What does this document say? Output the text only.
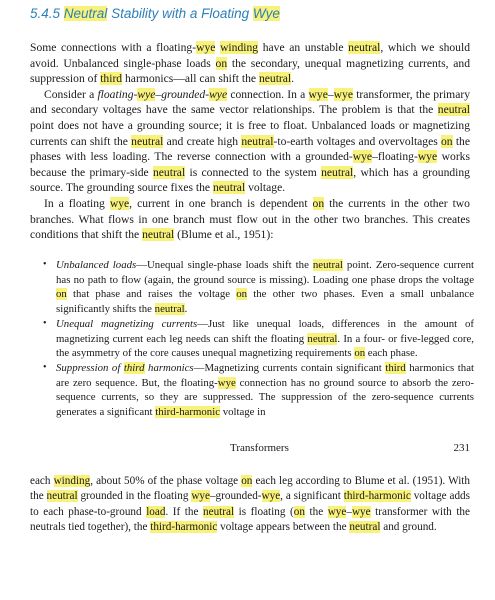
5.4.5 Neutral Stability with a Floating Wye

Some connections with a floating-wye winding have an unstable neutral, which we should avoid. Unbalanced single-phase loads on the secondary, unequal magnetizing currents, and suppression of third harmonics—all can shift the neutral.

Consider a floating-wye–grounded-wye connection. In a wye–wye transformer, the primary and secondary voltages have the same vector relationships. The problem is that the neutral point does not have a grounding source; it is free to float. Unbalanced loads or magnetizing currents can shift the neutral and create high neutral-to-earth voltages and overvoltages on the phases with less loading. The reverse connection with a grounded-wye–floating-wye works because the primary-side neutral is connected to the system neutral, which has a grounding source. The grounding source fixes the neutral voltage.

In a floating wye, current in one branch is dependent on the currents in the other two branches. What flows in one branch must flow out in the other two branches. This creates conditions that shift the neutral (Blume et al., 1951):

• Unbalanced loads—Unequal single-phase loads shift the neutral point. Zero-sequence current has no path to flow (again, the ground source is missing). Loading one phase drops the voltage on that phase and raises the voltage on the other two phases. Even a small unbalance significantly shifts the neutral.
• Unequal magnetizing currents—Just like unequal loads, differences in the amount of magnetizing current each leg needs can shift the floating neutral. In a four- or five-legged core, the asymmetry of the core causes unequal magnetizing requirements on each phase.
• Suppression of third harmonics—Magnetizing currents contain significant third harmonics that are zero sequence. But, the floating-wye connection has no ground source to absorb the zero-sequence currents, so they are suppressed. The suppression of the zero-sequence currents generates a significant third-harmonic voltage in
Transformers	231

each winding, about 50% of the phase voltage on each leg according to Blume et al. (1951). With the neutral grounded in the floating wye–grounded-wye, a significant third-harmonic voltage adds to each phase-to-ground load. If the neutral is floating (on the wye–wye transformer with the neutrals tied together), the third-harmonic voltage appears between the neutral and ground.
